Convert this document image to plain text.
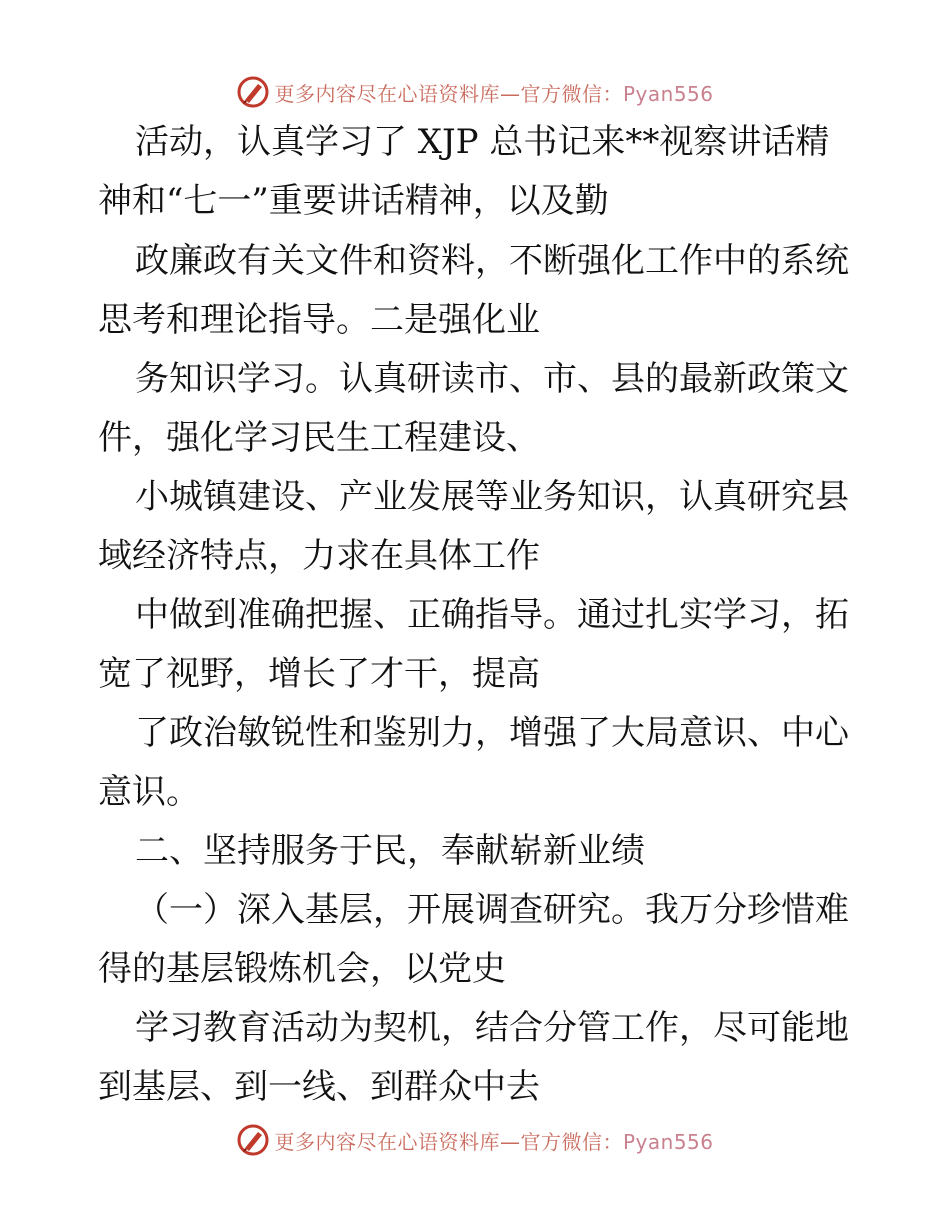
更多内容尽在心语资料库—官方微信：Pyan556
活动，认真学习了 XJP 总书记来**视察讲话精
神和“七一”重要讲话精神，以及勤
政廉政有关文件和资料，不断强化工作中的系统
思考和理论指导。二是强化业
务知识学习。认真研读市、市、县的最新政策文
件，强化学习民生工程建设、
小城镇建设、产业发展等业务知识，认真研究县
域经济特点，力求在具体工作
中做到准确把握、正确指导。通过扎实学习，拓
宽了视野，增长了才干，提高
了政治敏锐性和鉴别力，增强了大局意识、中心
意识。
二、坚持服务于民，奉献崭新业绩
（一）深入基层，开展调查研究。我万分珍惜难
得的基层锻炼机会，以党史
学习教育活动为契机，结合分管工作，尽可能地
到基层、到一线、到群众中去
更多内容尽在心语资料库—官方微信：Pyan556
